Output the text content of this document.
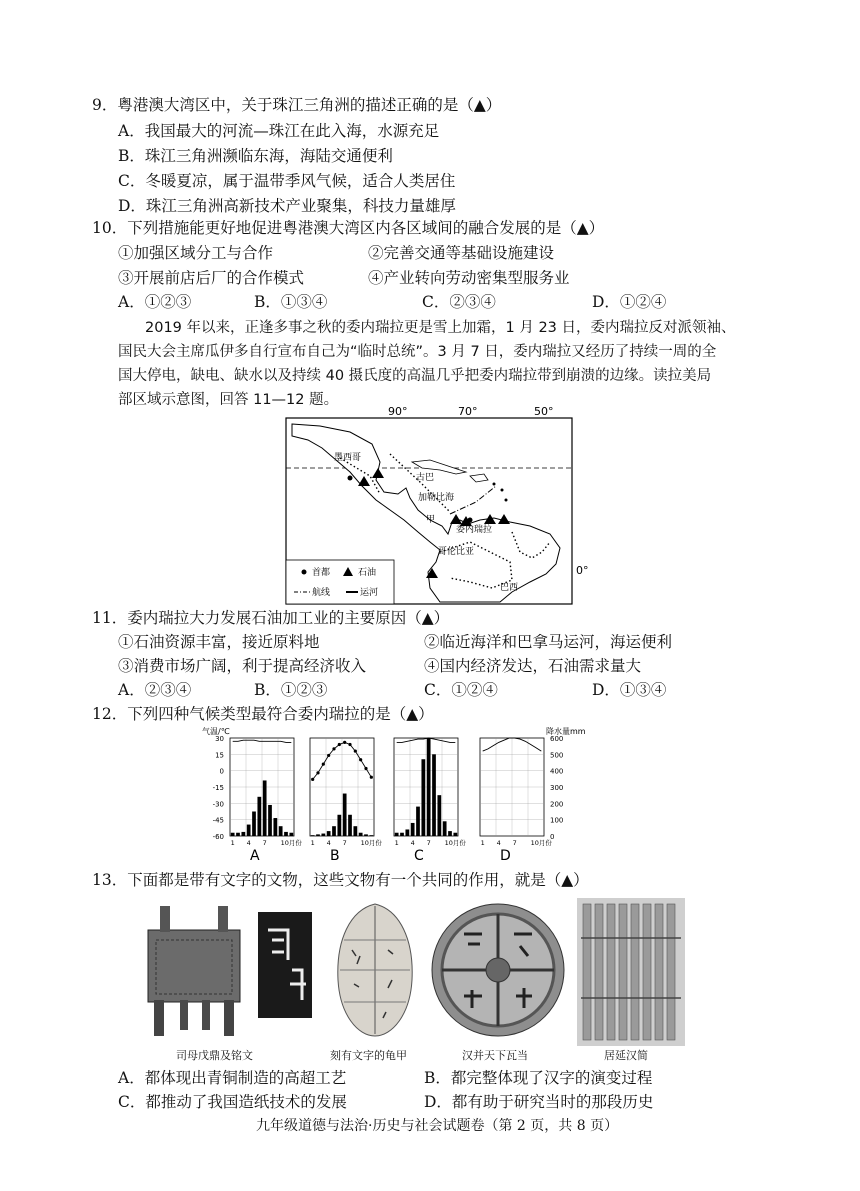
9．粤港澳大湾区中，关于珠江三角洲的描述正确的是（▲）
A．我国最大的河流—珠江在此入海，水源充足
B．珠江三角洲濒临东海，海陆交通便利
C．冬暖夏凉，属于温带季风气候，适合人类居住
D．珠江三角洲高新技术产业聚集，科技力量雄厚
10．下列措施能更好地促进粤港澳大湾区内各区域间的融合发展的是（▲）
①加强区域分工与合作	②完善交通等基础设施建设
③开展前店后厂的合作模式	④产业转向劳动密集型服务业
A．①②③	B．①③④	C．②③④	D．①②④
2019 年以来，正逢多事之秋的委内瑞拉更是雪上加霜，1 月 23 日，委内瑞拉反对派领袖、
国民大会主席瓜伊多自行宣布自己为“临时总统”。3 月 7 日，委内瑞拉又经历了持续一周的全
国大停电，缺电、缺水以及持续 40 摄氏度的高温几乎把委内瑞拉带到崩溃的边缘。读拉美局
部区域示意图，回答 11—12 题。
90°	70°	50°
0°
墨西哥
古巴
加勒比海
甲
委内瑞拉
哥伦比亚
巴西
首都	石油
航线	运河
11．委内瑞拉大力发展石油加工业的主要原因（▲）
①石油资源丰富，接近原料地	②临近海洋和巴拿马运河，海运便利
③消费市场广阔，利于提高经济收入	④国内经济发达，石油需求量大
A．②③④	B．①②③	C．①②④	D．①③④
12．下列四种气候类型最符合委内瑞拉的是（▲）
气温/℃	降水量mm
30
15
0
-15
-30
-45
-60
600
500
400
300
200
100
0
1 4 7 10月份
A
1 4 7 10月份
B
1 4 7 10月份
C
1 4 7 10月份
D
13．下面都是带有文字的文物，这些文物有一个共同的作用，就是（▲）
司母戊鼎及铭文	刻有文字的龟甲	汉并天下瓦当	居延汉简
A．都体现出青铜制造的高超工艺	B．都完整体现了汉字的演变过程
C．都推动了我国造纸技术的发展	D．都有助于研究当时的那段历史
九年级道德与法治·历史与社会试题卷（第 2 页，共 8 页）
